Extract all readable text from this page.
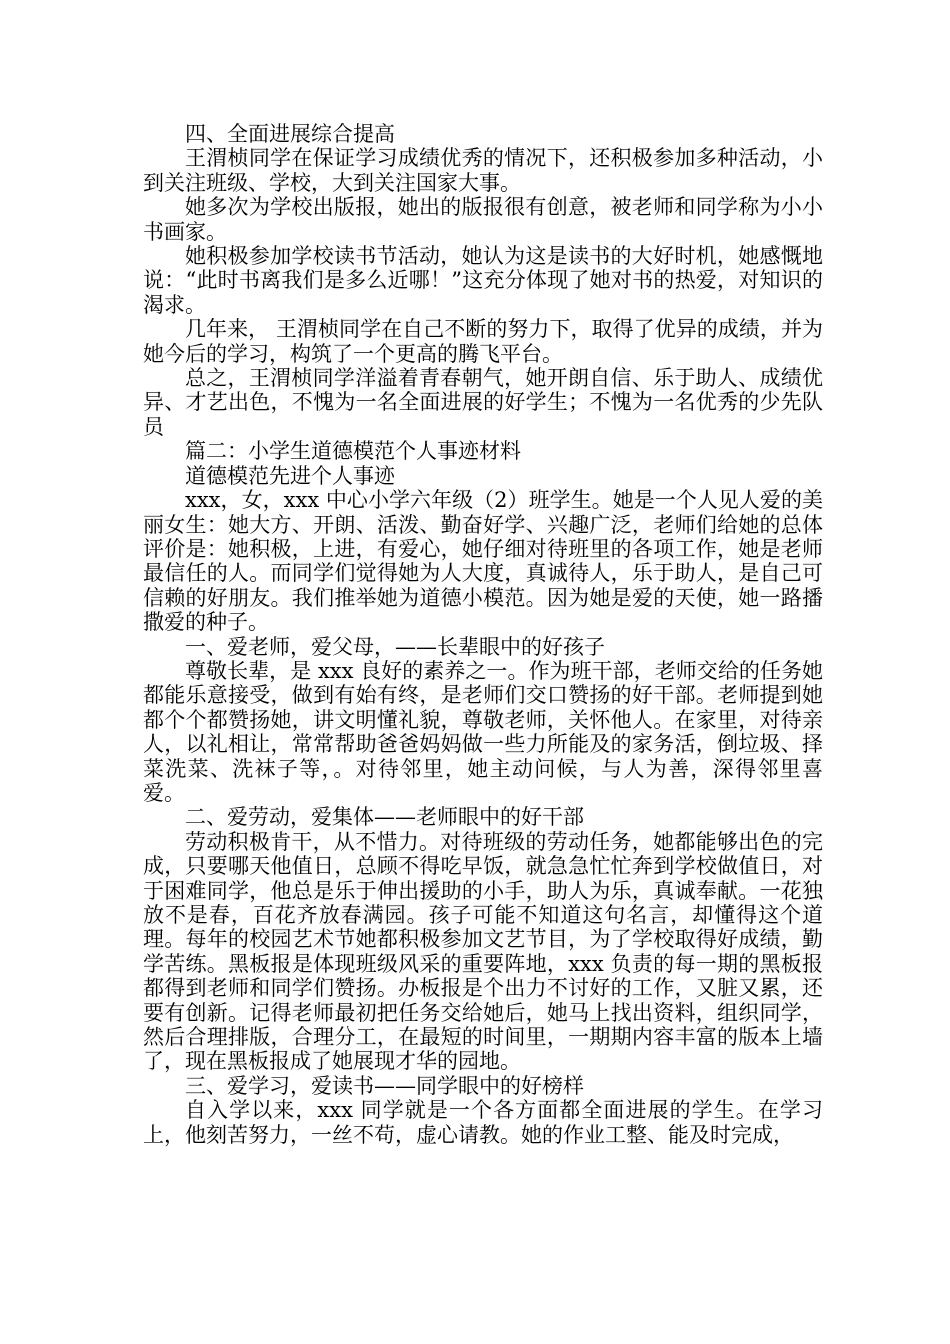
四、全面进展综合提高

王渭桢同学在保证学习成绩优秀的情况下，还积极参加多种活动，小到关注班级、学校，大到关注国家大事。

她多次为学校出版报，她出的版报很有创意，被老师和同学称为小小书画家。

她积极参加学校读书节活动，她认为这是读书的大好时机，她感慨地说：“此时书离我们是多么近哪！”这充分体现了她对书的热爱，对知识的渴求。

几年来， 王渭桢同学在自己不断的努力下，取得了优异的成绩，并为她今后的学习，构筑了一个更高的腾飞平台。

总之，王渭桢同学洋溢着青春朝气，她开朗自信、乐于助人、成绩优异、才艺出色，不愧为一名全面进展的好学生；不愧为一名优秀的少先队员

篇二：小学生道德模范个人事迹材料

道德模范先进个人事迹

xxx，女，xxx 中心小学六年级（2）班学生。她是一个人见人爱的美丽女生：她大方、开朗、活泼、勤奋好学、兴趣广泛，老师们给她的总体评价是：她积极，上进，有爱心，她仔细对待班里的各项工作，她是老师最信任的人。而同学们觉得她为人大度，真诚待人，乐于助人，是自己可信赖的好朋友。我们推举她为道德小模范。因为她是爱的天使，她一路播撒爱的种子。

一、爱老师，爱父母，——长辈眼中的好孩子

尊敬长辈，是 xxx 良好的素养之一。作为班干部，老师交给的任务她都能乐意接受，做到有始有终，是老师们交口赞扬的好干部。老师提到她都个个都赞扬她，讲文明懂礼貌，尊敬老师，关怀他人。在家里，对待亲人，以礼相让，常常帮助爸爸妈妈做一些力所能及的家务活，倒垃圾、择菜洗菜、洗袜子等，。对待邻里，她主动问候，与人为善，深得邻里喜爱。

二、爱劳动，爱集体——老师眼中的好干部

劳动积极肯干，从不惜力。对待班级的劳动任务，她都能够出色的完成，只要哪天他值日，总顾不得吃早饭，就急急忙忙奔到学校做值日，对于困难同学，他总是乐于伸出援助的小手，助人为乐，真诚奉献。一花独放不是春，百花齐放春满园。孩子可能不知道这句名言，却懂得这个道理。每年的校园艺术节她都积极参加文艺节目，为了学校取得好成绩，勤学苦练。黑板报是体现班级风采的重要阵地，xxx 负责的每一期的黑板报都得到老师和同学们赞扬。办板报是个出力不讨好的工作，又脏又累，还要有创新。记得老师最初把任务交给她后，她马上找出资料，组织同学，然后合理排版，合理分工，在最短的时间里，一期期内容丰富的版本上墙了，现在黑板报成了她展现才华的园地。

三、爱学习，爱读书——同学眼中的好榜样

自入学以来，xxx 同学就是一个各方面都全面进展的学生。在学习上，他刻苦努力，一丝不苟，虚心请教。她的作业工整、能及时完成，
